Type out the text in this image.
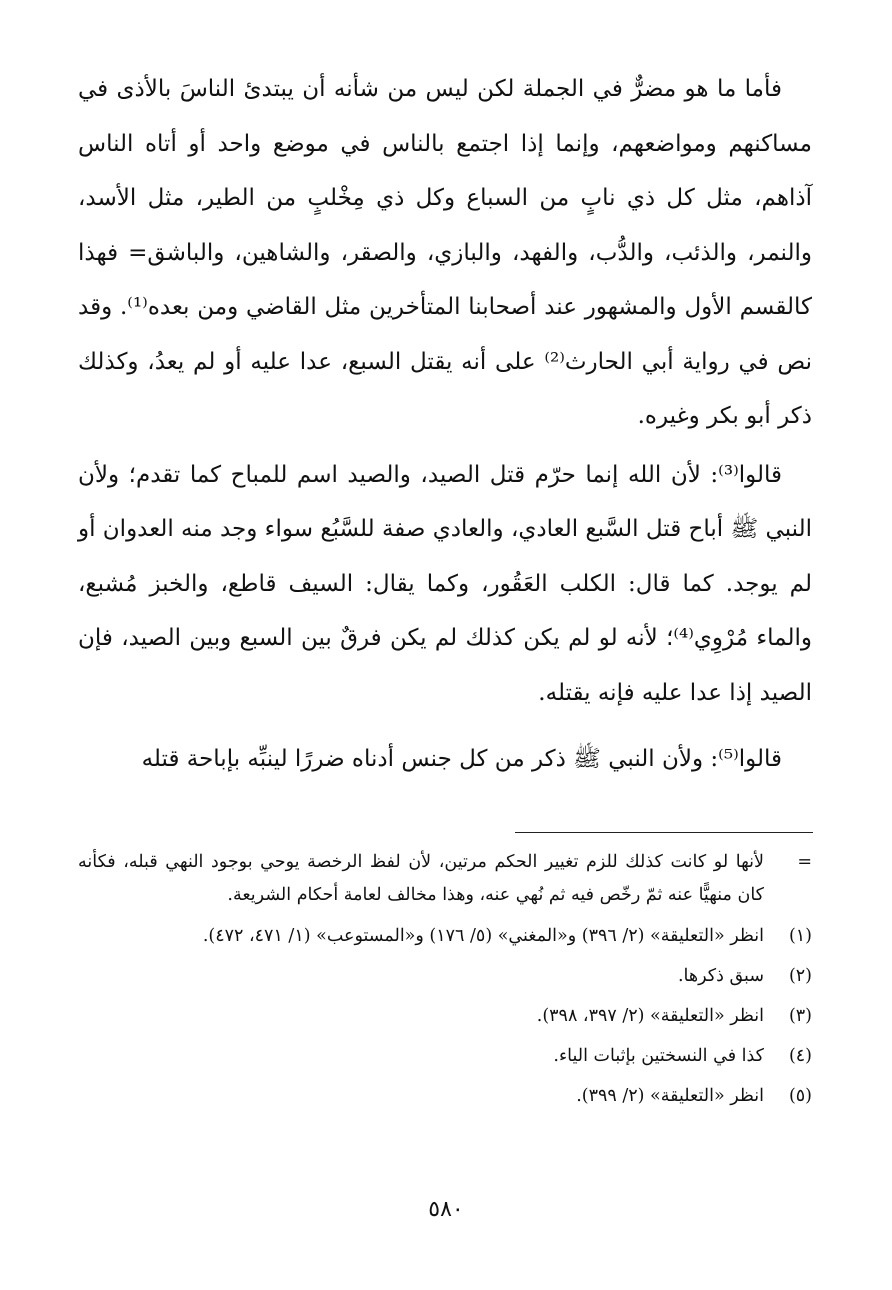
فأما ما هو مضرٌّ في الجملة لكن ليس من شأنه أن يبتدئ الناسَ بالأذى في مساكنهم ومواضعهم، وإنما إذا اجتمع بالناس في موضع واحد أو أتاه الناس آذاهم، مثل كل ذي نابٍ من السباع وكل ذي مِخْلبٍ من الطير، مثل الأسد، والنمر، والذئب، والدُّب، والفهد، والبازي، والصقر، والشاهين، والباشق= فهذا كالقسم الأول والمشهور عند أصحابنا المتأخرين مثل القاضي ومن بعده⁽¹⁾. وقد نص في رواية أبي الحارث⁽²⁾ على أنه يقتل السبع، عدا عليه أو لم يعدُ، وكذلك ذكر أبو بكر وغيره.

قالوا⁽³⁾: لأن الله إنما حرّم قتل الصيد، والصيد اسم للمباح كما تقدم؛ ولأن النبي ﷺ أباح قتل السَّبع العادي، والعادي صفة للسَّبُع سواء وجد منه العدوان أو لم يوجد. كما قال: الكلب العَقُور، وكما يقال: السيف قاطع، والخبز مُشبع، والماء مُرْوِي⁽⁴⁾؛ لأنه لو لم يكن كذلك لم يكن فرقٌ بين السبع وبين الصيد، فإن الصيد إذا عدا عليه فإنه يقتله.

قالوا⁽⁵⁾: ولأن النبي ﷺ ذكر من كل جنس أدناه ضررًا لينبِّه بإباحة قتله

=
لأنها لو كانت كذلك للزم تغيير الحكم مرتين، لأن لفظ الرخصة يوحي بوجود النهي قبله، فكأنه كان منهيًّا عنه ثمّ رخّص فيه ثم نُهي عنه، وهذا مخالف لعامة أحكام الشريعة.
(١)
انظر «التعليقة» (٢/ ٣٩٦) و«المغني» (٥/ ١٧٦) و«المستوعب» (١/ ٤٧١، ٤٧٢).
(٢)
سبق ذكرها.
(٣)
انظر «التعليقة» (٢/ ٣٩٧، ٣٩٨).
(٤)
كذا في النسختين بإثبات الياء.
(٥)
انظر «التعليقة» (٢/ ٣٩٩).
٥٨٠
